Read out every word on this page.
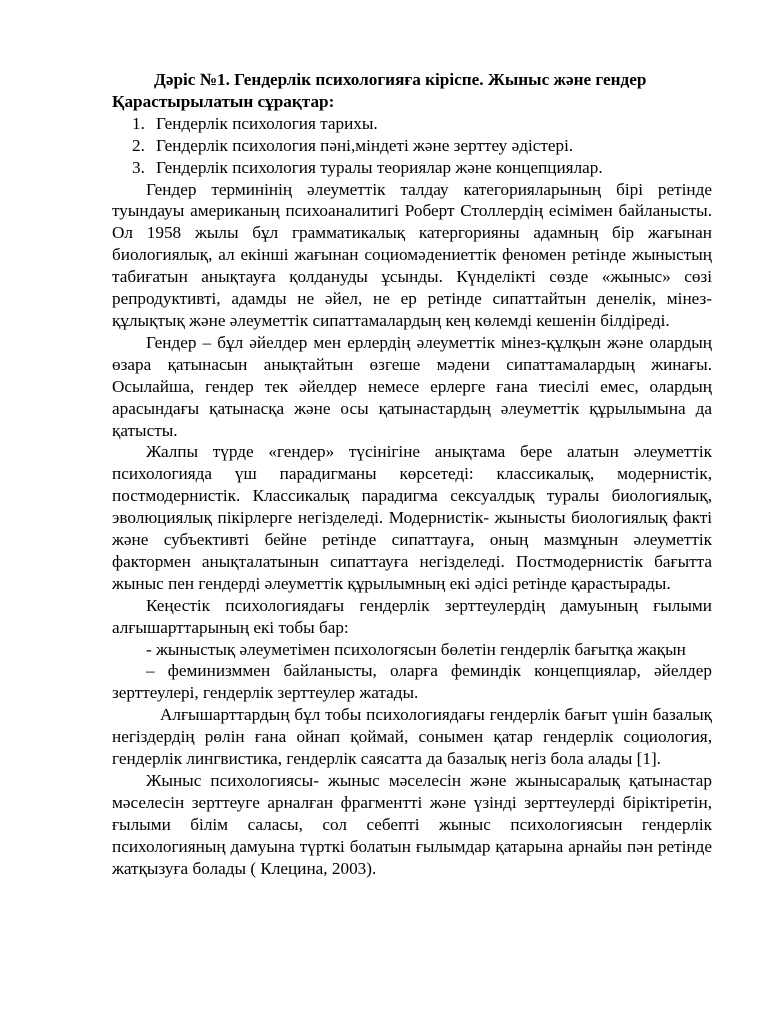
Дәріс №1. Гендерлік психологияға кіріспе. Жыныс және гендер

Қарастырылатын сұрақтар:

1. Гендерлік психология тарихы.
2. Гендерлік психология пәні,міндеті және зерттеу әдістері.
3. Гендерлік психология туралы теориялар және концепциялар.

Гендер терминінің әлеуметтік талдау категорияларының бірі ретінде туындауы американың психоаналитигі Роберт Столлердің есімімен байланысты. Ол 1958 жылы бұл грамматикалық катергорияны адамның бір жағынан биологиялық, ал екінші жағынан социомәдениеттік феномен ретінде жыныстың табиғатын анықтауға қолдануды ұсынды. Күнделікті сөзде «жыныс» сөзі репродуктивті, адамды не әйел, не ер ретінде сипаттайтын денелік, мінез-құлықтық және әлеуметтік сипаттамалардың кең көлемді кешенін білдіреді.

Гендер – бұл әйелдер мен ерлердің әлеуметтік мінез-құлқын және олардың өзара қатынасын анықтайтын өзгеше мәдени сипаттамалардың жинағы. Осылайша, гендер тек әйелдер немесе ерлерге ғана тиесілі емес, олардың арасындағы қатынасқа және осы қатынастардың әлеуметтік құрылымына да қатысты.

Жалпы түрде «гендер» түсінігіне анықтама бере алатын әлеуметтік психологияда үш парадигманы көрсетеді: классикалық, модернистік, постмодернистік. Классикалық парадигма сексуалдық туралы биологиялық, эволюциялық пікірлерге негізделеді. Модернистік- жынысты биологиялық факті және субъективті бейне ретінде сипаттауға, оның мазмұнын әлеуметтік фактормен анықталатынын сипаттауға негізделеді. Постмодернистік бағытта жыныс пен гендерді әлеуметтік құрылымның екі әдісі ретінде қарастырады.

Кеңестік психологиядағы гендерлік зерттеулердің дамуының ғылыми алғышарттарының екі тобы бар:

- жыныстық әлеуметімен психологясын бөлетін гендерлік бағытқа жақын

– феминизммен байланысты, оларға феминдік концепциялар, әйелдер зерттеулері, гендерлік зерттеулер жатады.

Алғышарттардың бұл тобы психологиядағы гендерлік бағыт үшін базалық негіздердің рөлін ғана ойнап қоймай, сонымен қатар гендерлік социология, гендерлік лингвистика, гендерлік саясатта да базалық негіз бола алады [1].

Жыныс психологиясы- жыныс мәселесін және жынысаралық қатынастар мәселесін зерттеуге арналған фрагментті және үзінді зерттеулерді біріктіретін, ғылыми білім саласы, сол себепті жыныс психологиясын гендерлік психологияның дамуына түрткі болатын ғылымдар қатарына арнайы пән ретінде жатқызуға болады ( Клецина, 2003).
